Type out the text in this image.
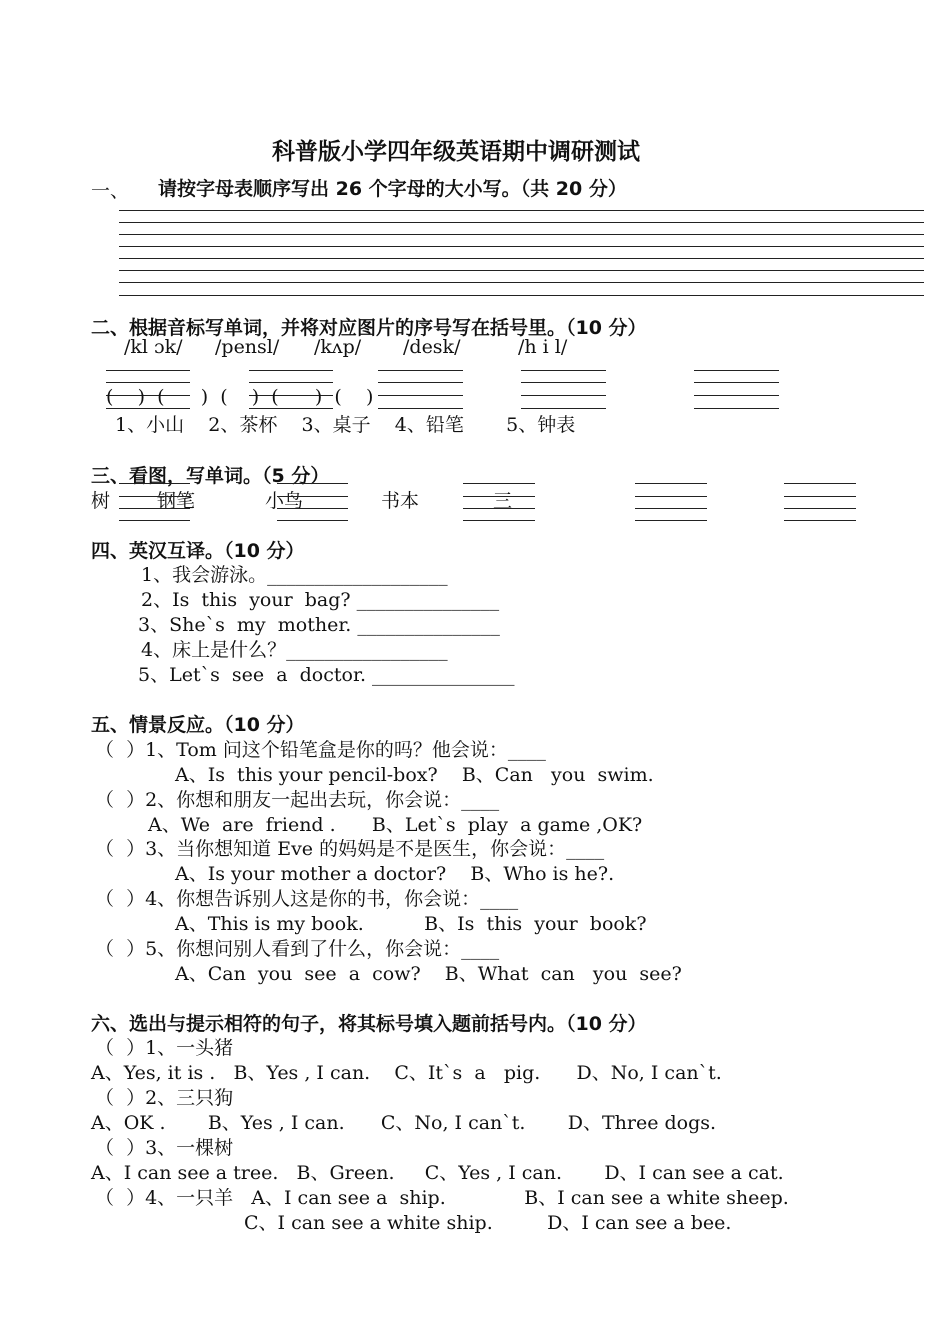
科普版小学四年级英语期中调研测试
一、 请按字母表顺序写出 26 个字母的大小写。（共 20 分）
二、根据音标写单词，并将对应图片的序号写在括号里。（10 分）
/kl ɔk/ /pensl/ /kʌp/ /desk/	/h i l/
(    )  (      )  (    )  (      )  (    )
1、小山    2、茶杯    3、桌子    4、铅笔       5、钟表
三、看图，写单词。（5 分）
树 钢笔	小鸟	书本	三
四、英汉互译。（10 分）
1、我会游泳。___________________
2、Is  this  your  bag? _______________
3、She`s  my  mother. _______________
4、床上是什么？_________________
5、Let`s  see  a  doctor. _______________
五、情景反应。（10 分）
（  ）1、Tom 问这个铅笔盒是你的吗？他会说：____
A、Is  this your pencil-box?    B、Can   you  swim.
（  ）2、你想和朋友一起出去玩，你会说：____
A、We  are  friend .      B、Let`s  play  a game ,OK?
（  ）3、当你想知道 Eve 的妈妈是不是医生，你会说：____
A、Is your mother a doctor?    B、Who is he?.
（  ）4、你想告诉别人这是你的书，你会说：____
A、This is my book.          B、Is  this  your  book?
（  ）5、你想问别人看到了什么，你会说：____
A、Can  you  see  a  cow?    B、What  can   you  see?
六、选出与提示相符的句子，将其标号填入题前括号内。（10 分）
（  ）1、一头猪
A、Yes, it is .   B、Yes , I can.    C、It`s  a   pig.      D、No, I can`t.
（  ）2、三只狗
A、OK .       B、Yes , I can.      C、No, I can`t.       D、Three dogs.
（  ）3、一棵树
A、I can see a tree.   B、Green.     C、Yes , I can.       D、I can see a cat.
（  ）4、一只羊   A、I can see a  ship.             B、I can see a white sheep.
C、I can see a white ship.         D、I can see a bee.
